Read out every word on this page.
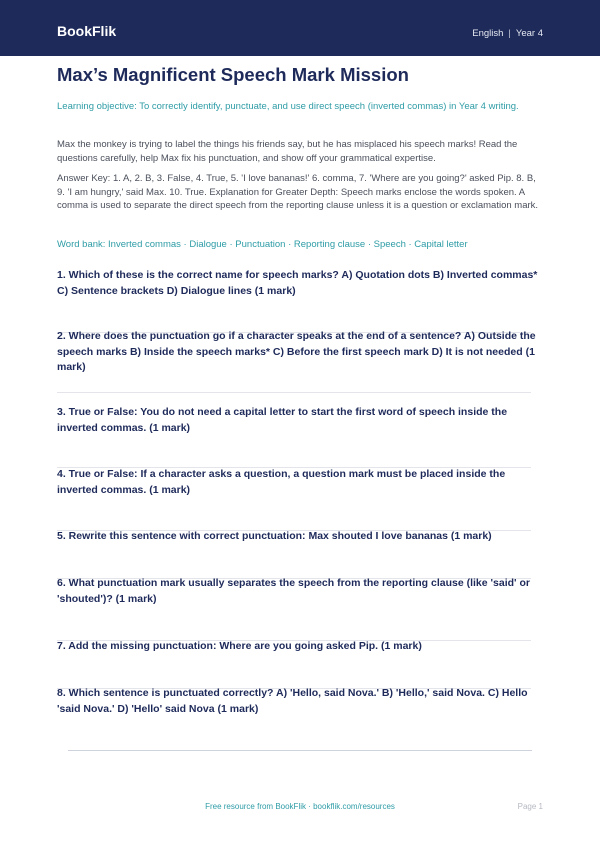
BookFlik	English | Year 4
Max’s Magnificent Speech Mark Mission
Learning objective: To correctly identify, punctuate, and use direct speech (inverted commas) in Year 4 writing.
Max the monkey is trying to label the things his friends say, but he has misplaced his speech marks! Read the questions carefully, help Max fix his punctuation, and show off your grammatical expertise.
Answer Key: 1. A, 2. B, 3. False, 4. True, 5. 'I love bananas!' 6. comma, 7. 'Where are you going?' asked Pip. 8. B, 9. 'I am hungry,' said Max. 10. True. Explanation for Greater Depth: Speech marks enclose the words spoken. A comma is used to separate the direct speech from the reporting clause unless it is a question or exclamation mark.
Word bank: Inverted commas · Dialogue · Punctuation · Reporting clause · Speech · Capital letter
1. Which of these is the correct name for speech marks? A) Quotation dots B) Inverted commas* C) Sentence brackets D) Dialogue lines (1 mark)
2. Where does the punctuation go if a character speaks at the end of a sentence? A) Outside the speech marks B) Inside the speech marks* C) Before the first speech mark D) It is not needed (1 mark)
3. True or False: You do not need a capital letter to start the first word of speech inside the inverted commas. (1 mark)
4. True or False: If a character asks a question, a question mark must be placed inside the inverted commas. (1 mark)
5. Rewrite this sentence with correct punctuation: Max shouted I love bananas (1 mark)
6. What punctuation mark usually separates the speech from the reporting clause (like 'said' or 'shouted')? (1 mark)
7. Add the missing punctuation: Where are you going asked Pip. (1 mark)
8. Which sentence is punctuated correctly? A) 'Hello, said Nova.' B) 'Hello,' said Nova. C) Hello 'said Nova.' D) 'Hello' said Nova (1 mark)
Free resource from BookFlik · bookflik.com/resources	Page 1
